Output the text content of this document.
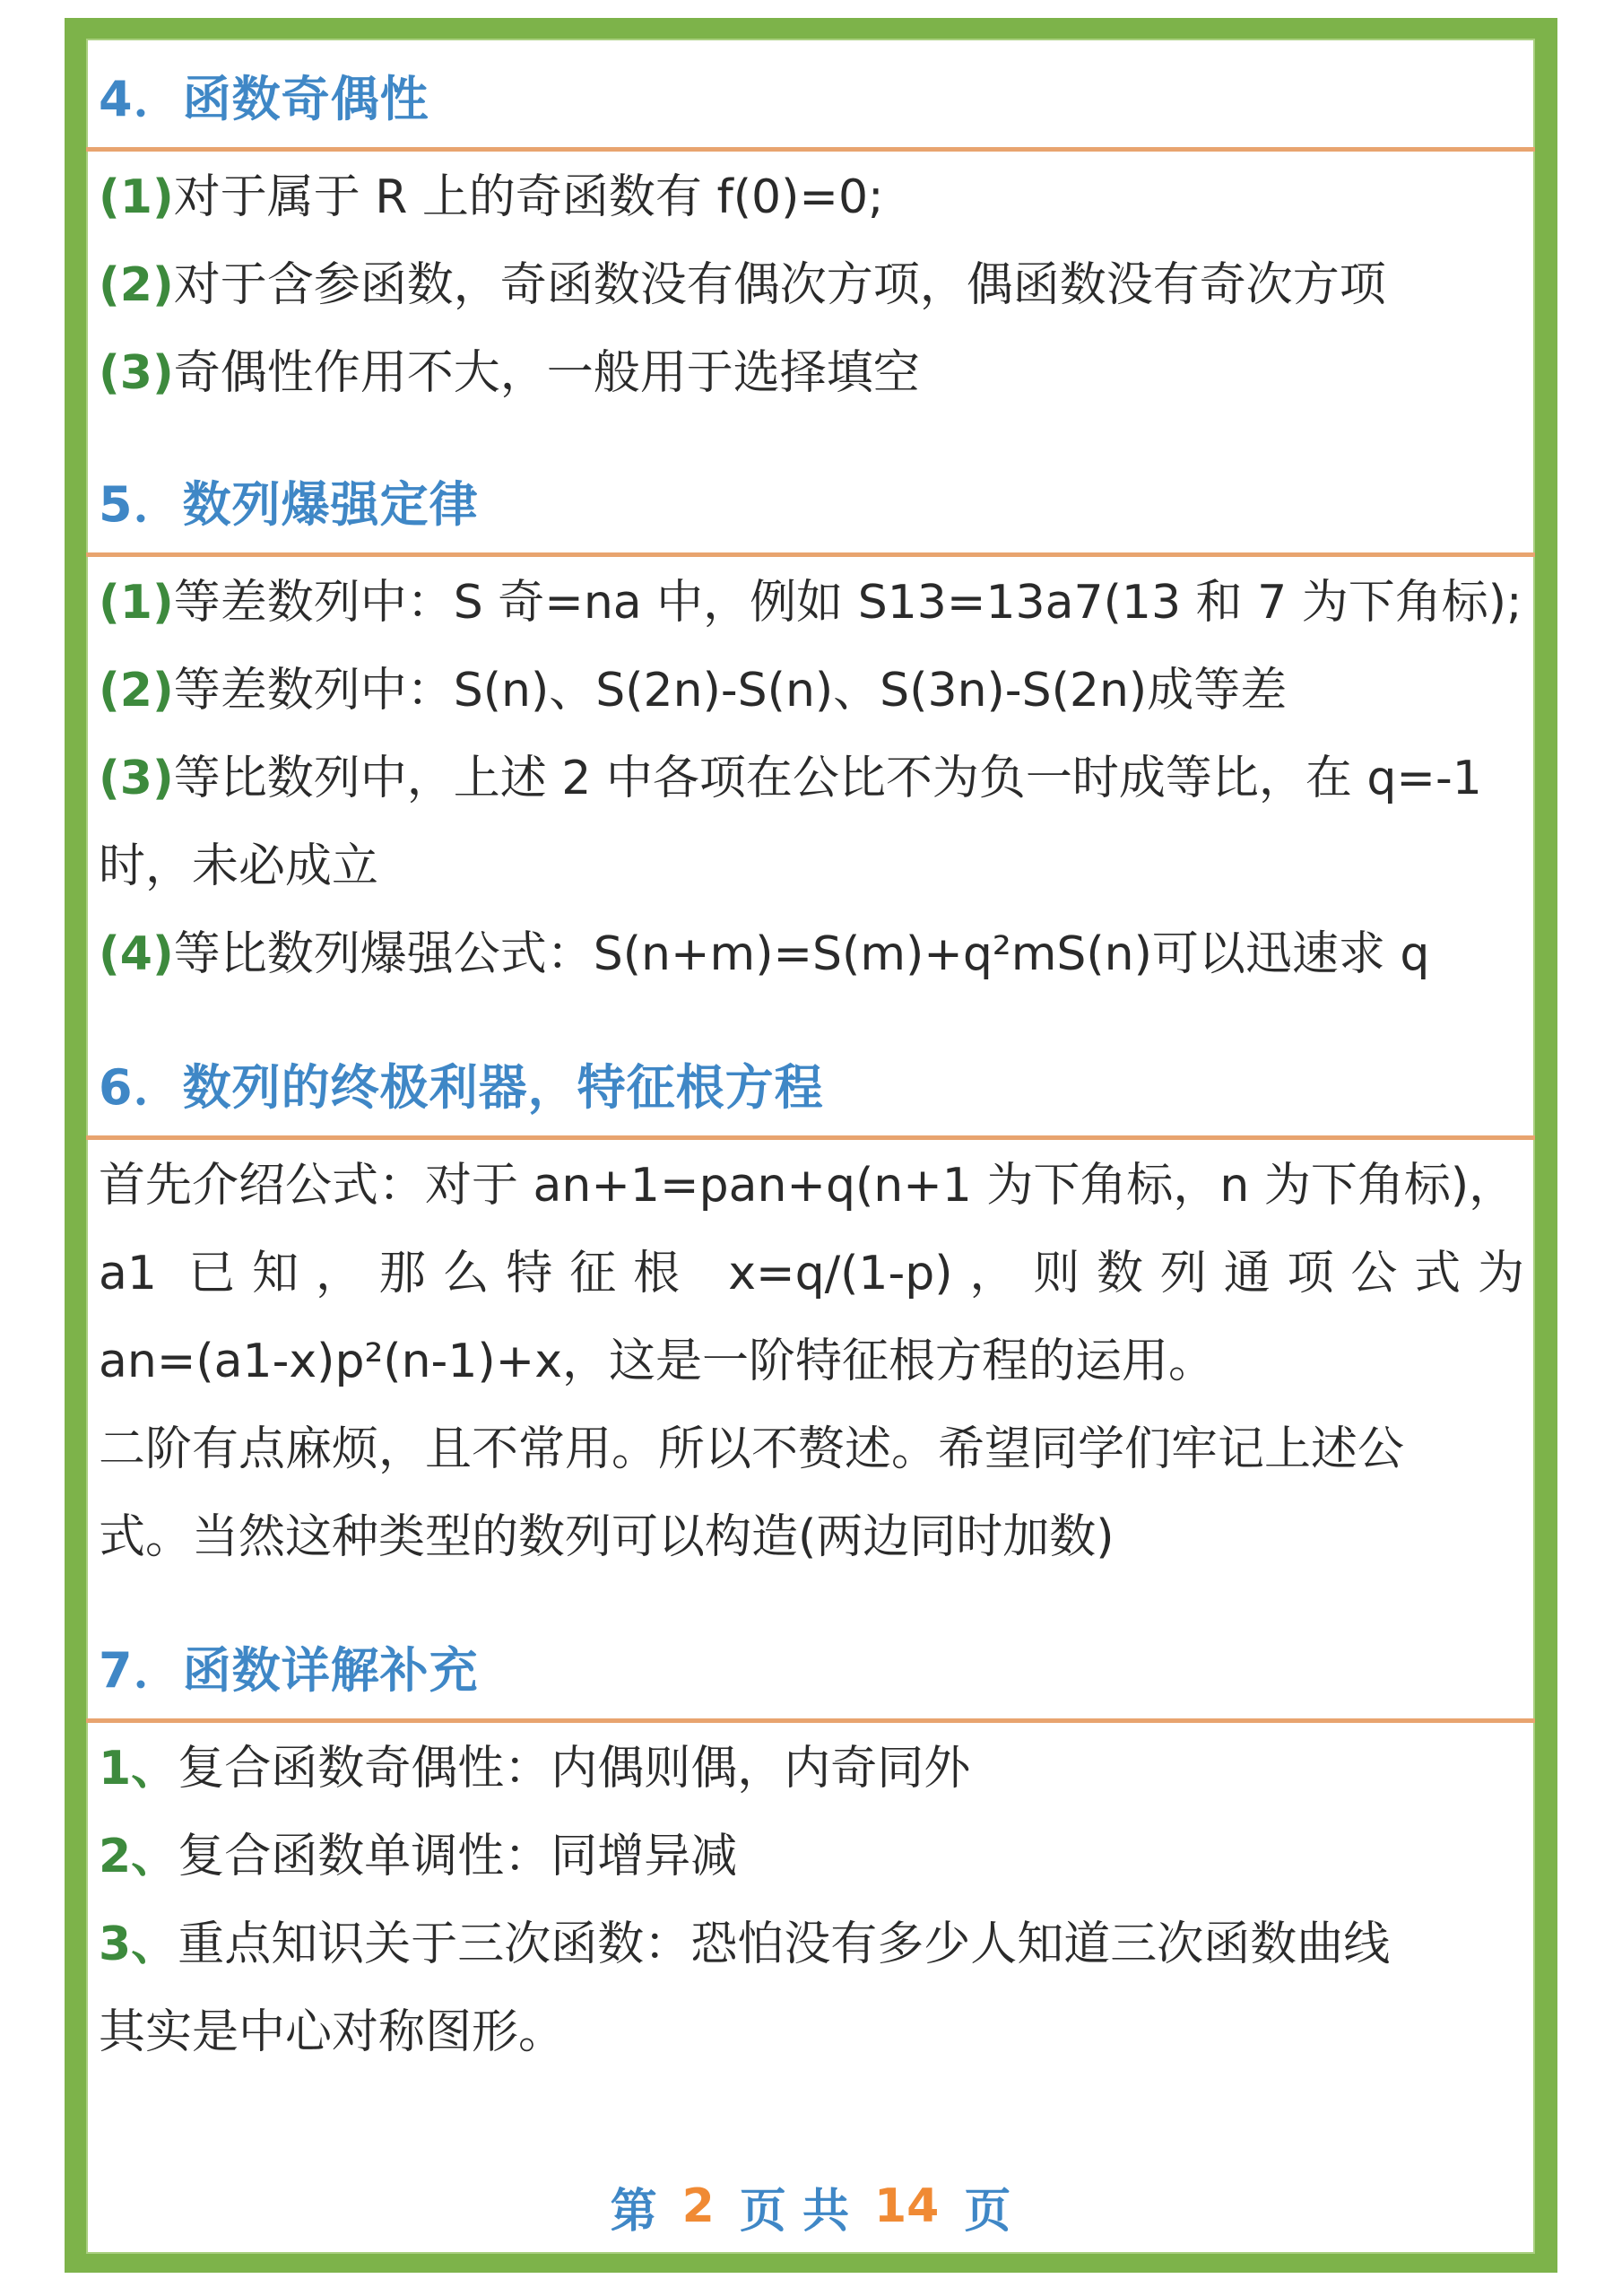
4．函数奇偶性
(1)对于属于 R 上的奇函数有 f(0)=0;
(2)对于含参函数，奇函数没有偶次方项，偶函数没有奇次方项
(3)奇偶性作用不大，一般用于选择填空
5．数列爆强定律
(1)等差数列中：S 奇=na 中，例如 S13=13a7(13 和 7 为下角标);
(2)等差数列中：S(n)、S(2n)-S(n)、S(3n)-S(2n)成等差
(3)等比数列中，上述 2 中各项在公比不为负一时成等比，在 q=-1
时，未必成立
(4)等比数列爆强公式：S(n+m)=S(m)+q²mS(n)可以迅速求 q
6．数列的终极利器，特征根方程
首先介绍公式：对于 an+1=pan+q(n+1 为下角标，n 为下角标)，
a1 已知，那么特征根 x=q/(1-p)，则数列通项公式为
an=(a1-x)p²(n-1)+x，这是一阶特征根方程的运用。
二阶有点麻烦，且不常用。所以不赘述。希望同学们牢记上述公
式。当然这种类型的数列可以构造(两边同时加数)
7．函数详解补充
1、复合函数奇偶性：内偶则偶，内奇同外
2、复合函数单调性：同增异减
3、重点知识关于三次函数：恐怕没有多少人知道三次函数曲线
其实是中心对称图形。
第 2 页 共 14 页
